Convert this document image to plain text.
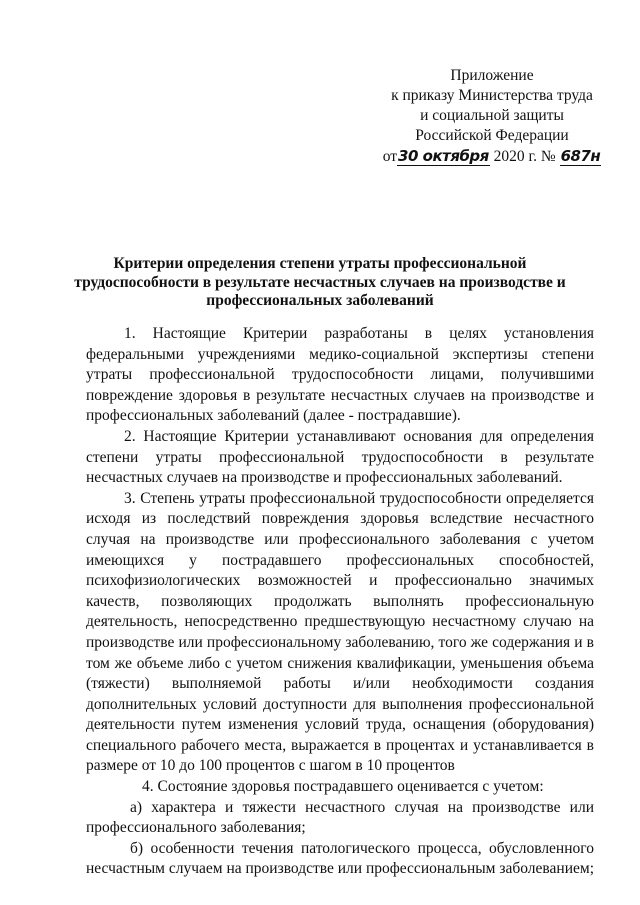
Приложение
к приказу Министерства труда
и социальной защиты
Российской Федерации
от30 октября 2020 г. № 687н
Критерии определения степени утраты профессиональной
трудоспособности в результате несчастных случаев на производстве и
профессиональных заболеваний

1. Настоящие Критерии разработаны в целях установления федеральными учреждениями медико-социальной экспертизы степени утраты профессиональной трудоспособности лицами, получившими повреждение здоровья в результате несчастных случаев на производстве и профессиональных заболеваний (далее - пострадавшие).

2. Настоящие Критерии устанавливают основания для определения степени утраты профессиональной трудоспособности в результате несчастных случаев на производстве и профессиональных заболеваний.

3. Степень утраты профессиональной трудоспособности определяется исходя из последствий повреждения здоровья вследствие несчастного случая на производстве или профессионального заболевания с учетом имеющихся у пострадавшего профессиональных способностей, психофизиологических возможностей и профессионально значимых качеств, позволяющих продолжать выполнять профессиональную деятельность, непосредственно предшествующую несчастному случаю на производстве или профессиональному заболеванию, того же содержания и в том же объеме либо с учетом снижения квалификации, уменьшения объема (тяжести) выполняемой работы и/или необходимости создания дополнительных условий доступности для выполнения профессиональной деятельности путем изменения условий труда, оснащения (оборудования) специального рабочего места, выражается в процентах и устанавливается в размере от 10 до 100 процентов с шагом в 10 процентов

4. Состояние здоровья пострадавшего оценивается с учетом:

а) характера и тяжести несчастного случая на производстве или профессионального заболевания;

б) особенности течения патологического процесса, обусловленного несчастным случаем на производстве или профессиональным заболеванием;
